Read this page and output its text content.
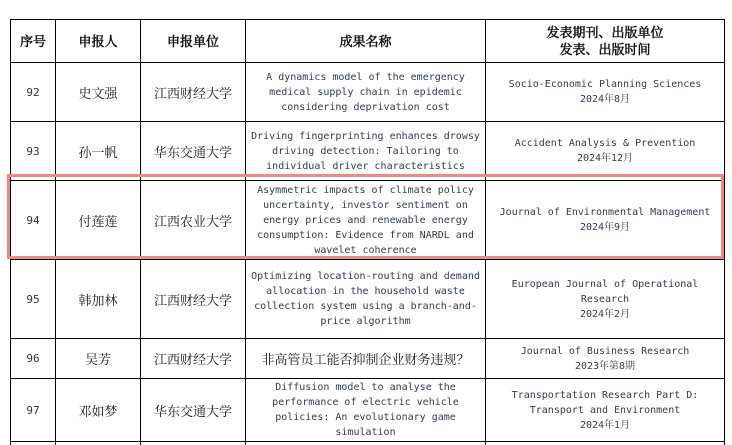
序号	申报人	申报单位	成果名称	发表期刊、出版单位
发表、出版时间

92	史文强	江西财经大学	A dynamics model of the emergency medical supply chain in epidemic considering deprivation cost	Socio-Economic Planning Sciences
2024年8月

93	孙一帆	华东交通大学	Driving fingerprinting enhances drowsy driving detection: Tailoring to individual driver characteristics	Accident Analysis & Prevention
2024年12月

94	付莲莲	江西农业大学	Asymmetric impacts of climate policy uncertainty, investor sentiment on energy prices and renewable energy consumption: Evidence from NARDL and wavelet coherence	Journal of Environmental Management
2024年9月

95	韩加林	江西财经大学	Optimizing location-routing and demand allocation in the household waste collection system using a branch-and-price algorithm	European Journal of Operational Research
2024年2月

96	吴芳	江西财经大学	非高管员工能否抑制企业财务违规？	Journal of Business Research
2023年第8期

97	邓如梦	华东交通大学	Diffusion model to analyse the performance of electric vehicle policies: An evolutionary game simulation	Transportation Research Part D: Transport and Environment
2024年1月
